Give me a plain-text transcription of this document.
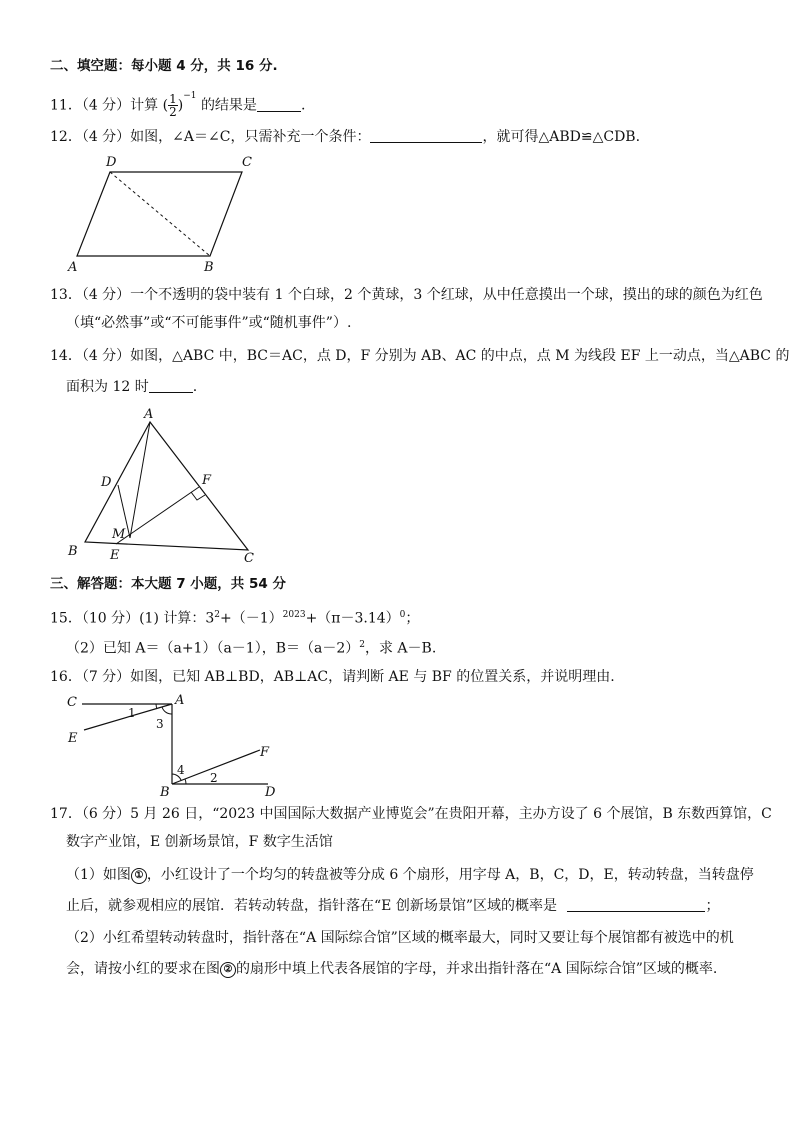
二、填空题：每小题 4 分，共 16 分.
11．（4 分）计算 ( $\frac{1}{2} )^{-1}$ 的结果是	.
12．（4 分）如图，∠A＝∠C，只需补充一个条件：	，就可得△ABD≌△CDB.
D	C
A	B
13．（4 分）一个不透明的袋中装有 1 个白球，2 个黄球，3 个红球，从中任意摸出一个球，摸出的球的颜色为红色
（填“必然事”或“不可能事件”或“随机事件”）.
14．（4 分）如图，△ABC 中，BC＝AC，点 D，F 分别为 AB、AC 的中点，点 M 为线段 EF 上一动点，当△ABC 的
面积为 12 时	.
A
D	F
M
B E	C
三、解答题：本大题 7 小题，共 54 分
15．（10 分）(1) 计算：$3^2+(-1)^{2023}+(\pi-3.14)^0$；
（2）已知 A＝（a+1）（a－1），$B=(a-2)^2$，求 A－B.
16．（7 分）如图，已知 AB⊥BD，AB⊥AC，请判断 AE 与 BF 的位置关系，并说明理由.
C	A
E
F
B	D
1
3
4
2
17．（6 分）5 月 26 日，“2023 中国国际大数据产业博览会”在贵阳开幕，主办方设了 6 个展馆，B 东数西算馆，C
数字产业馆，E 创新场景馆，F 数字生活馆
（1）如图 ① ，小红设计了一个均匀的转盘被等分成 6 个扇形，用字母 A，B，C，D，E，转动转盘，当转盘停
止后，就参观相应的展馆．若转动转盘，指针落在“E 创新场景馆”区域的概率是	；
（2）小红希望转动转盘时，指针落在“A 国际综合馆”区域的概率最大，同时又要让每个展馆都有被选中的机
会，请按小红的要求在图 ② 的扇形中填上代表各展馆的字母，并求出指针落在“A 国际综合馆”区域的概率.
